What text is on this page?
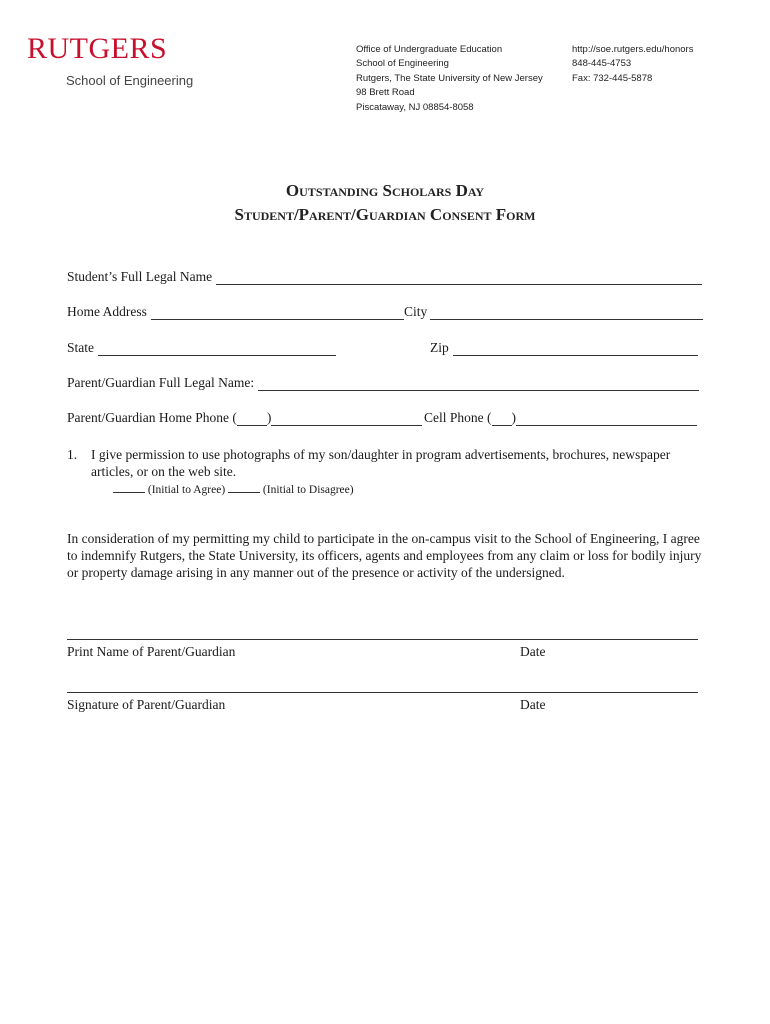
RUTGERS
School of Engineering
Office of Undergraduate Education
School of Engineering
Rutgers, The State University of New Jersey
98 Brett Road
Piscataway, NJ 08854-8058
http://soe.rutgers.edu/honors
848-445-4753
Fax: 732-445-5878
Outstanding Scholars Day
Student/Parent/Guardian Consent Form
Student’s Full Legal Name
Home Address	City
State	Zip
Parent/Guardian Full Legal Name:
Parent/Guardian Home Phone ( )	Cell Phone ( )
1.	I give permission to use photographs of my son/daughter in program advertisements, brochures, newspaper articles, or on the web site.
(Initial to Agree)	(Initial to Disagree)
In consideration of my permitting my child to participate in the on-campus visit to the School of Engineering, I agree to indemnify Rutgers, the State University, its officers, agents and employees from any claim or loss for bodily injury or property damage arising in any manner out of the presence or activity of the undersigned.
Print Name of Parent/Guardian	Date
Signature of Parent/Guardian	Date
